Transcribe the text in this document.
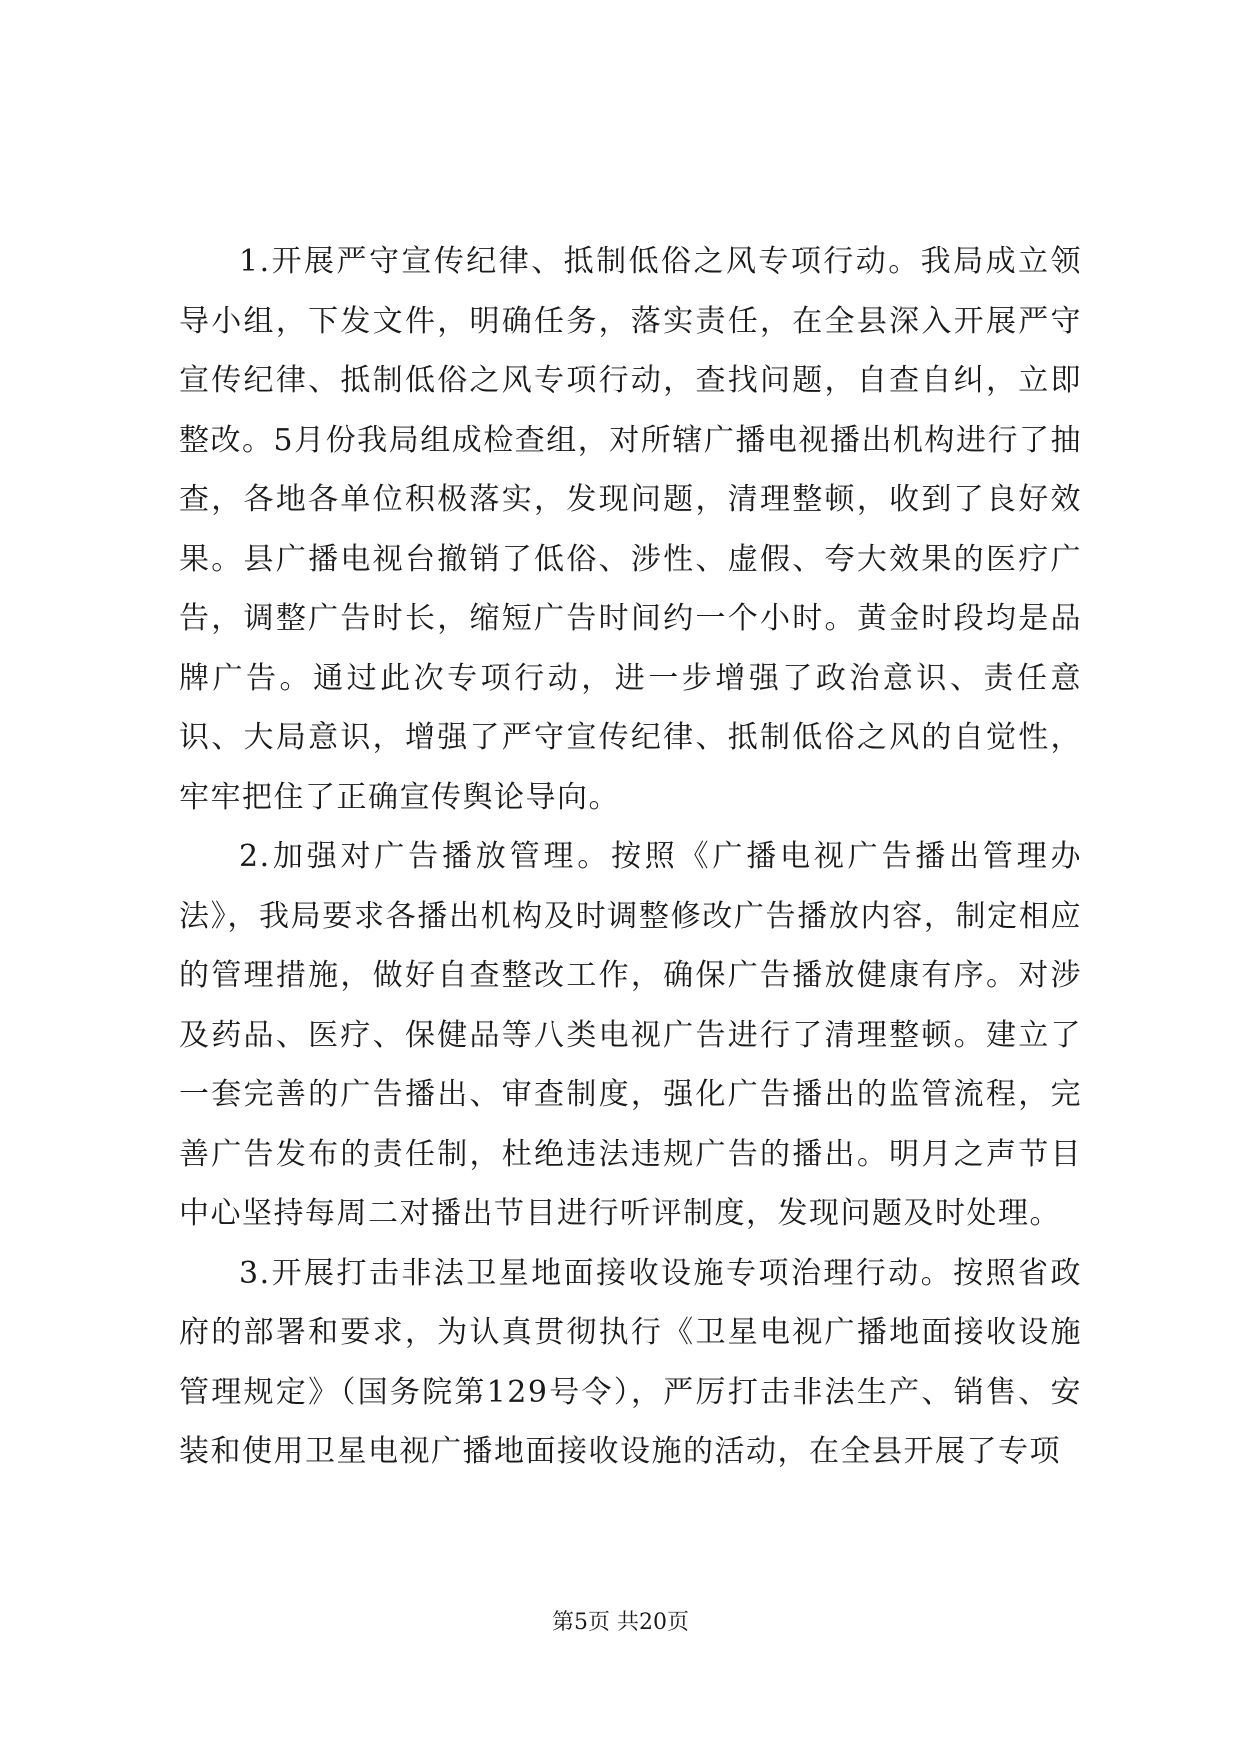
1.开展严守宣传纪律、抵制低俗之风专项行动。我局成立领导小组，下发文件，明确任务，落实责任，在全县深入开展严守宣传纪律、抵制低俗之风专项行动，查找问题，自查自纠，立即整改。5月份我局组成检查组，对所辖广播电视播出机构进行了抽查，各地各单位积极落实，发现问题，清理整顿，收到了良好效果。县广播电视台撤销了低俗、涉性、虚假、夸大效果的医疗广告，调整广告时长，缩短广告时间约一个小时。黄金时段均是品牌广告。通过此次专项行动，进一步增强了政治意识、责任意识、大局意识，增强了严守宣传纪律、抵制低俗之风的自觉性，牢牢把住了正确宣传舆论导向。

2.加强对广告播放管理。按照《广播电视广告播出管理办法》，我局要求各播出机构及时调整修改广告播放内容，制定相应的管理措施，做好自查整改工作，确保广告播放健康有序。对涉及药品、医疗、保健品等八类电视广告进行了清理整顿。建立了一套完善的广告播出、审查制度，强化广告播出的监管流程，完善广告发布的责任制，杜绝违法违规广告的播出。明月之声节目中心坚持每周二对播出节目进行听评制度，发现问题及时处理。

3.开展打击非法卫星地面接收设施专项治理行动。按照省政府的部署和要求，为认真贯彻执行《卫星电视广播地面接收设施管理规定》（国务院第129号令），严厉打击非法生产、销售、安装和使用卫星电视广播地面接收设施的活动，在全县开展了专项

第5页 共20页
